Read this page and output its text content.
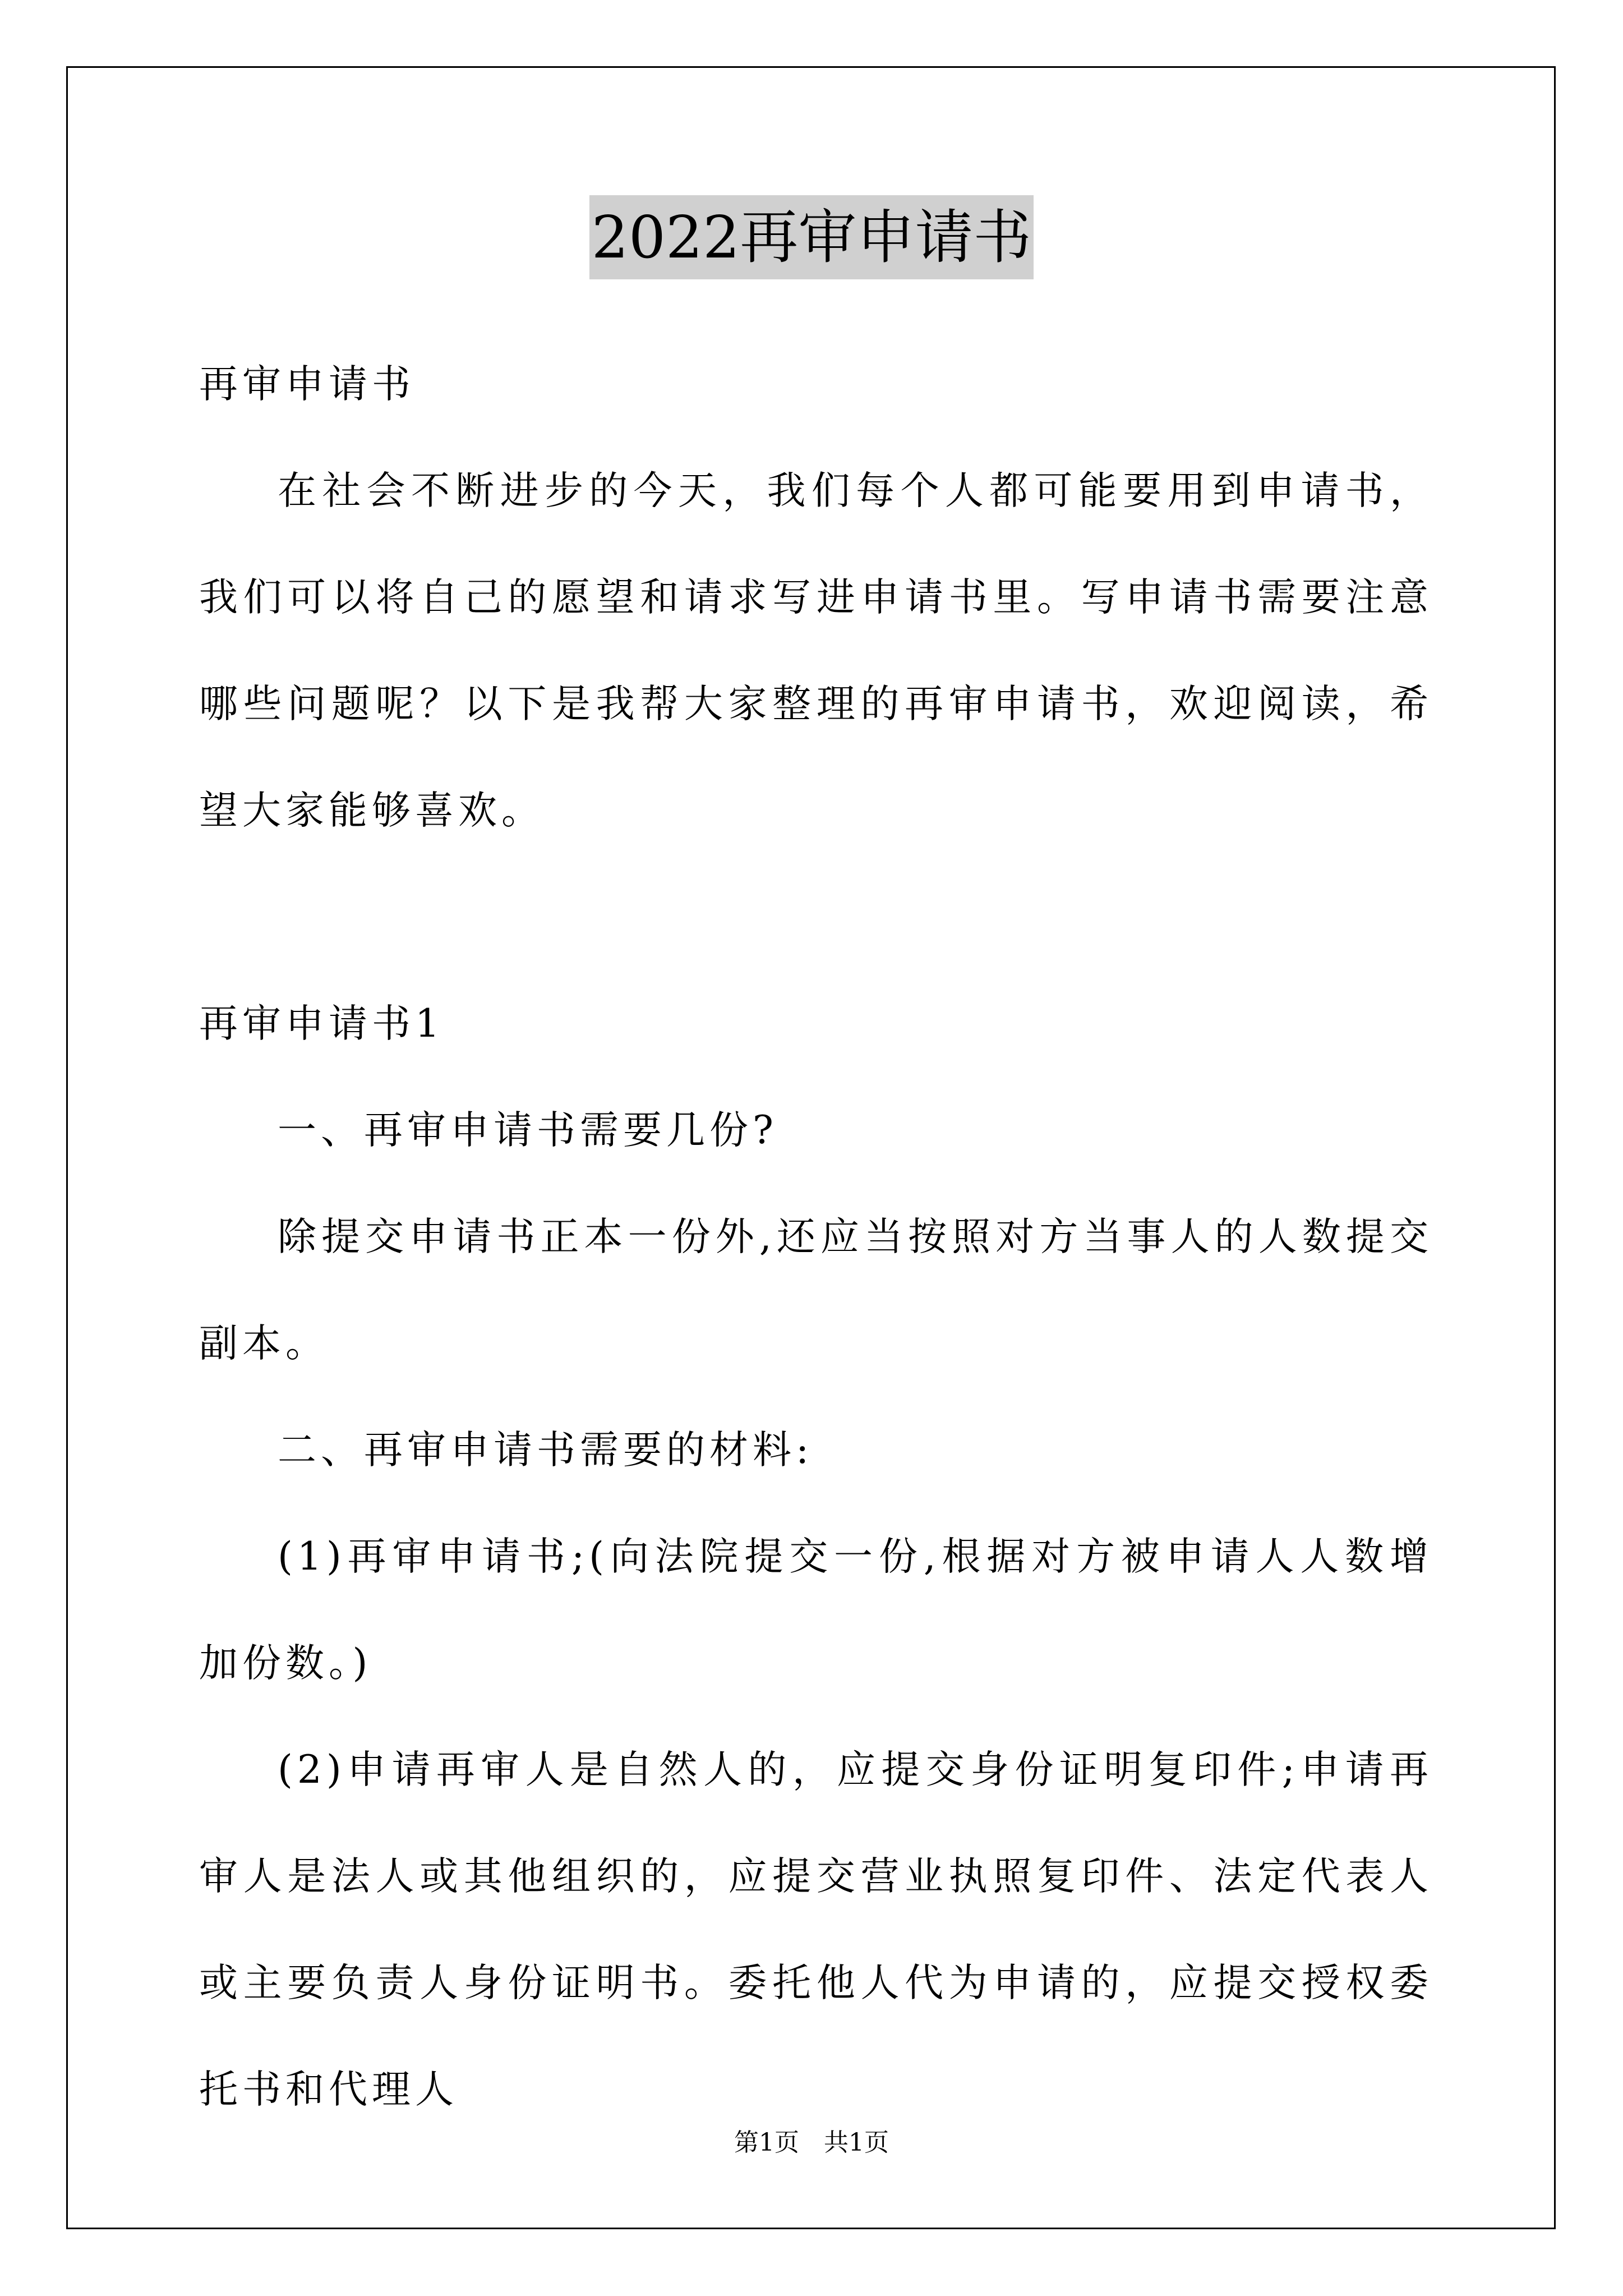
2022再审申请书

再审申请书

在社会不断进步的今天，我们每个人都可能要用到申请书，我们可以将自己的愿望和请求写进申请书里。写申请书需要注意哪些问题呢？以下是我帮大家整理的再审申请书，欢迎阅读，希望大家能够喜欢。

再审申请书1

一、再审申请书需要几份?

除提交申请书正本一份外,还应当按照对方当事人的人数提交副本。

二、再审申请书需要的材料:

(1)再审申请书;(向法院提交一份,根据对方被申请人人数增加份数。)

(2)申请再审人是自然人的，应提交身份证明复印件;申请再审人是法人或其他组织的，应提交营业执照复印件、法定代表人或主要负责人身份证明书。委托他人代为申请的，应提交授权委托书和代理人

第1页　共1页
